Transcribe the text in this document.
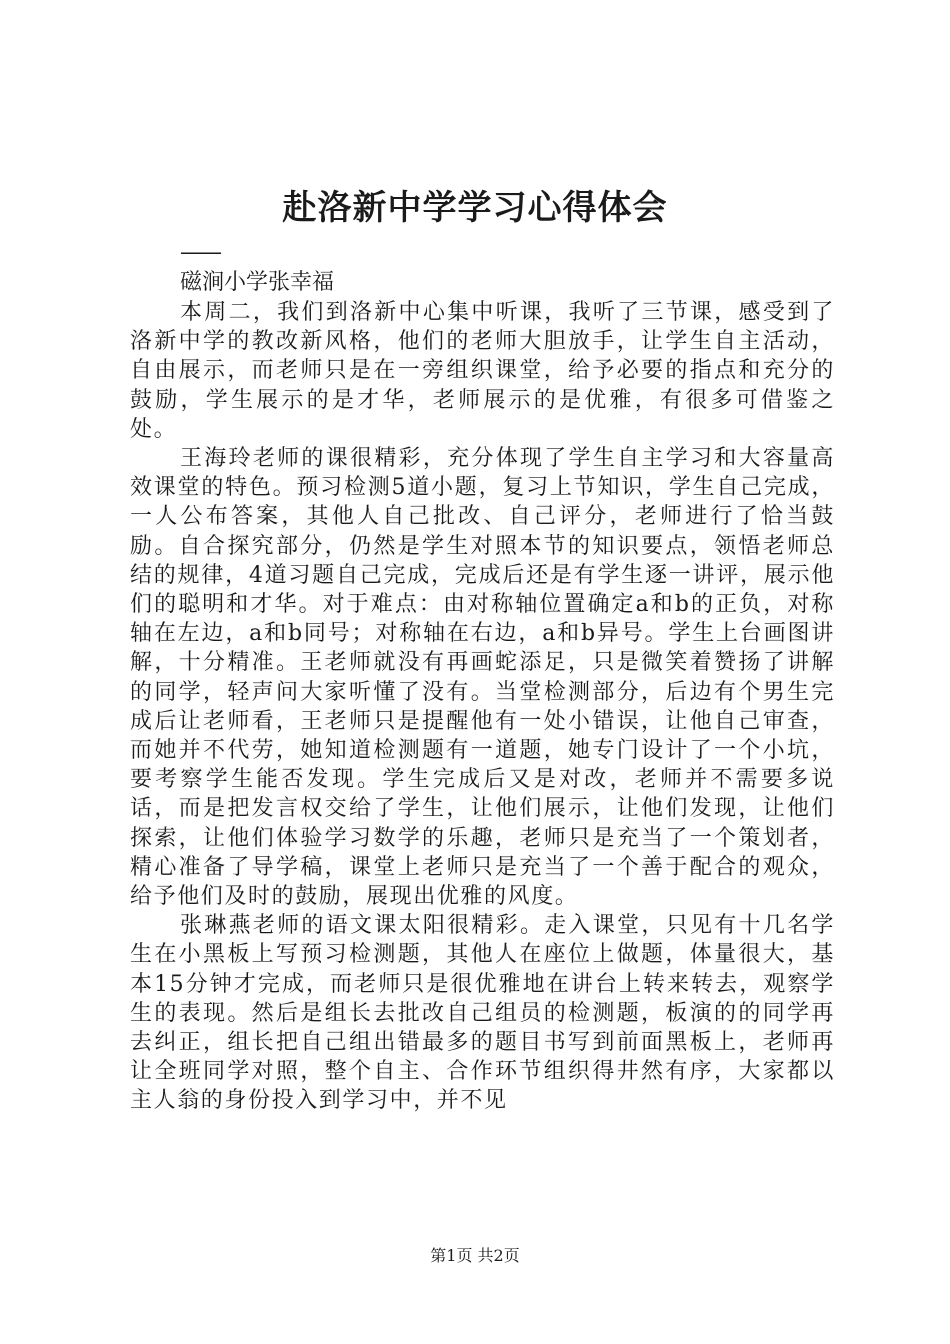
赴洛新中学学习心得体会
——
磁涧小学张幸福

本周二，我们到洛新中心集中听课，我听了三节课，感受到了洛新中学的教改新风格，他们的老师大胆放手，让学生自主活动，自由展示，而老师只是在一旁组织课堂，给予必要的指点和充分的鼓励，学生展示的是才华，老师展示的是优雅，有很多可借鉴之处。

王海玲老师的课很精彩，充分体现了学生自主学习和大容量高效课堂的特色。预习检测5道小题，复习上节知识，学生自己完成，一人公布答案，其他人自己批改、自己评分，老师进行了恰当鼓励。自合探究部分，仍然是学生对照本节的知识要点，领悟老师总结的规律，4道习题自己完成，完成后还是有学生逐一讲评，展示他们的聪明和才华。对于难点：由对称轴位置确定a和b的正负，对称轴在左边，a和b同号；对称轴在右边，a和b异号。学生上台画图讲解，十分精准。王老师就没有再画蛇添足，只是微笑着赞扬了讲解的同学，轻声问大家听懂了没有。当堂检测部分，后边有个男生完成后让老师看，王老师只是提醒他有一处小错误，让他自己审查，而她并不代劳，她知道检测题有一道题，她专门设计了一个小坑，要考察学生能否发现。学生完成后又是对改，老师并不需要多说话，而是把发言权交给了学生，让他们展示，让他们发现，让他们探索，让他们体验学习数学的乐趣，老师只是充当了一个策划者，精心准备了导学稿，课堂上老师只是充当了一个善于配合的观众，给予他们及时的鼓励，展现出优雅的风度。

张琳燕老师的语文课太阳很精彩。走入课堂，只见有十几名学生在小黑板上写预习检测题，其他人在座位上做题，体量很大，基本15分钟才完成，而老师只是很优雅地在讲台上转来转去，观察学生的表现。然后是组长去批改自己组员的检测题，板演的的同学再去纠正，组长把自己组出错最多的题目书写到前面黑板上，老师再让全班同学对照，整个自主、合作环节组织得井然有序，大家都以主人翁的身份投入到学习中，并不见

第1页 共2页
